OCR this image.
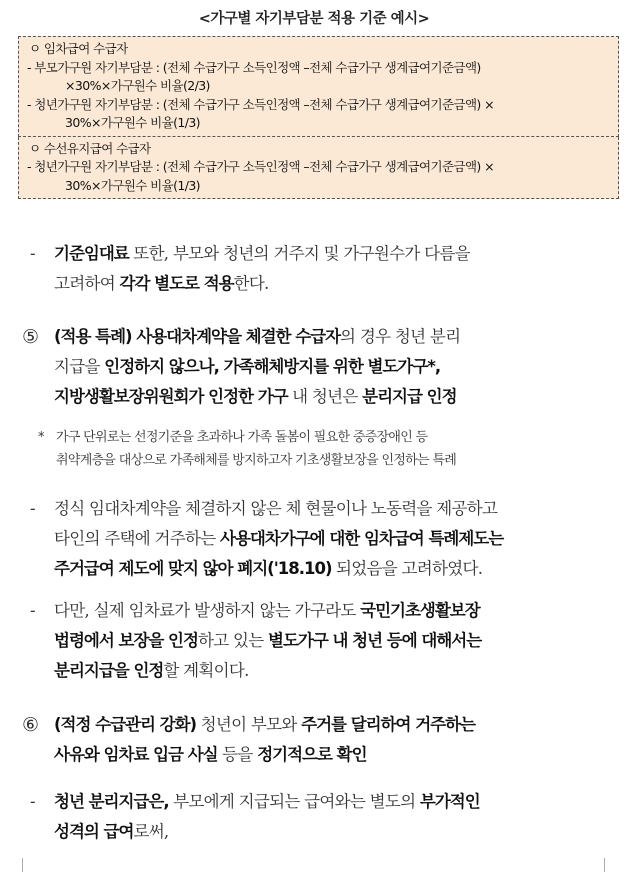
<가구별 자기부담분 적용 기준 예시>
ㅇ 임차급여 수급자
- 부모가구원 자기부담분 : (전체 수급가구 소득인정액 –전체 수급가구 생계급여기준금액)
×30%×가구원수 비율(2/3)
- 청년가구원 자기부담분 : (전체 수급가구 소득인정액 –전체 수급가구 생계급여기준금액) ×
30%×가구원수 비율(1/3)
ㅇ 수선유지급여 수급자
- 청년가구원 자기부담분 : (전체 수급가구 소득인정액 –전체 수급가구 생계급여기준금액) ×
30%×가구원수 비율(1/3)
- 기준임대료 또한, 부모와 청년의 거주지 및 가구원수가 다름을
고려하여 각각 별도로 적용한다.
⑤ (적용 특례) 사용대차계약을 체결한 수급자의 경우 청년 분리
지급을 인정하지 않으나, 가족해체방지를 위한 별도가구*,
지방생활보장위원회가 인정한 가구 내 청년은 분리지급 인정
* 가구 단위로는 선정기준을 초과하나 가족 돌봄이 필요한 중증장애인 등
취약계층을 대상으로 가족해체를 방지하고자 기초생활보장을 인정하는 특례
- 정식 임대차계약을 체결하지 않은 체 현물이나 노동력을 제공하고
타인의 주택에 거주하는 사용대차가구에 대한 임차급여 특례제도는
주거급여 제도에 맞지 않아 폐지('18.10) 되었음을 고려하였다.
- 다만, 실제 임차료가 발생하지 않는 가구라도 국민기초생활보장
법령에서 보장을 인정하고 있는 별도가구 내 청년 등에 대해서는
분리지급을 인정할 계획이다.
⑥ (적정 수급관리 강화) 청년이 부모와 주거를 달리하여 거주하는
사유와 임차료 입금 사실 등을 정기적으로 확인
- 청년 분리지급은, 부모에게 지급되는 급여와는 별도의 부가적인
성격의 급여로써,
